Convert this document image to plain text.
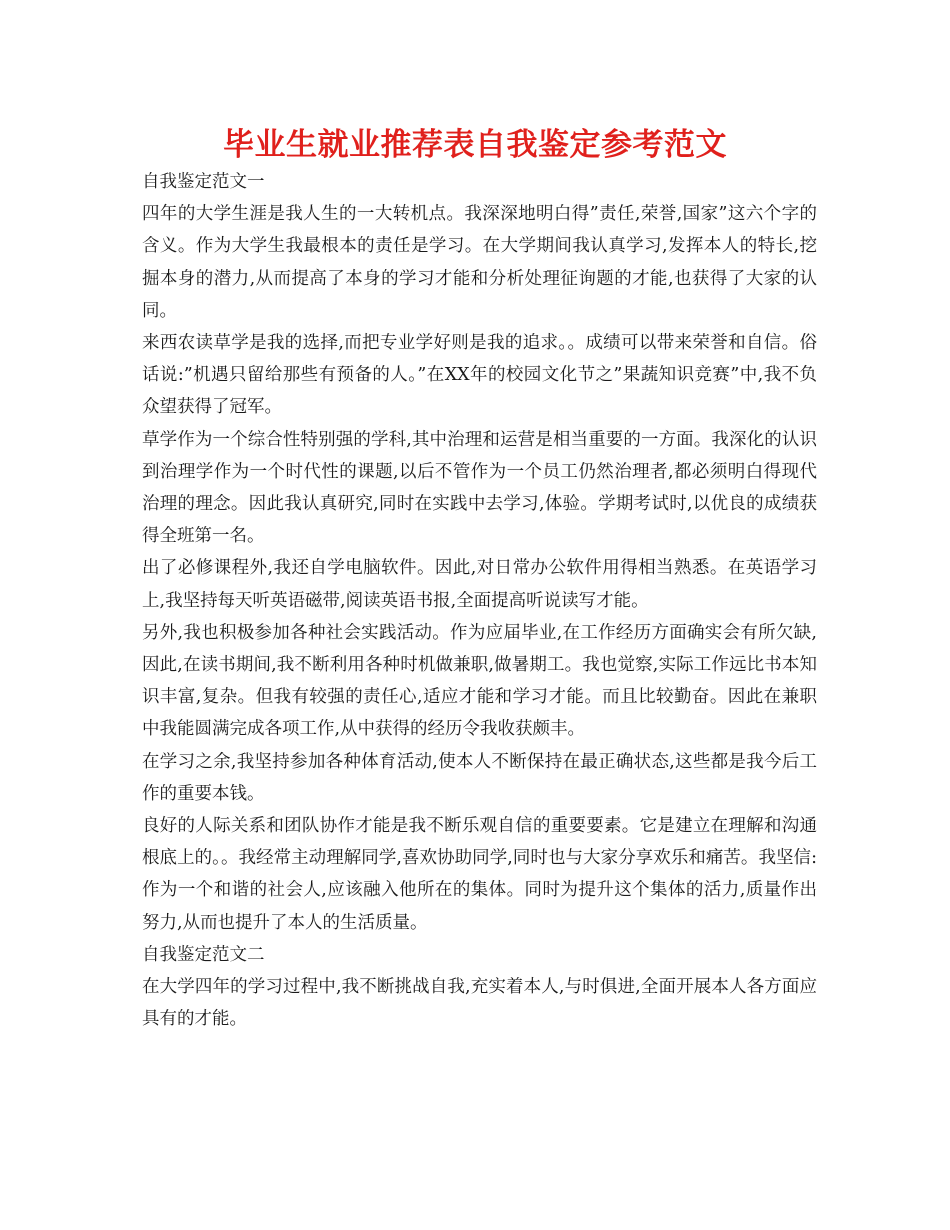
毕业生就业推荐表自我鉴定参考范文

自我鉴定范文一

四年的大学生涯是我人生的一大转机点。我深深地明白得”责任,荣誉,国家”这六个字的含义。作为大学生我最根本的责任是学习。在大学期间我认真学习,发挥本人的特长,挖掘本身的潜力,从而提高了本身的学习才能和分析处理征询题的才能,也获得了大家的认同。

来西农读草学是我的选择,而把专业学好则是我的追求。。成绩可以带来荣誉和自信。俗话说:”机遇只留给那些有预备的人。”在XX年的校园文化节之”果蔬知识竞赛”中,我不负众望获得了冠军。

草学作为一个综合性特别强的学科,其中治理和运营是相当重要的一方面。我深化的认识到治理学作为一个时代性的课题,以后不管作为一个员工仍然治理者,都必须明白得现代治理的理念。因此我认真研究,同时在实践中去学习,体验。学期考试时,以优良的成绩获得全班第一名。

出了必修课程外,我还自学电脑软件。因此,对日常办公软件用得相当熟悉。在英语学习上,我坚持每天听英语磁带,阅读英语书报,全面提高听说读写才能。

另外,我也积极参加各种社会实践活动。作为应届毕业,在工作经历方面确实会有所欠缺,因此,在读书期间,我不断利用各种时机做兼职,做暑期工。我也觉察,实际工作远比书本知识丰富,复杂。但我有较强的责任心,适应才能和学习才能。而且比较勤奋。因此在兼职中我能圆满完成各项工作,从中获得的经历令我收获颇丰。

在学习之余,我坚持参加各种体育活动,使本人不断保持在最正确状态,这些都是我今后工作的重要本钱。

良好的人际关系和团队协作才能是我不断乐观自信的重要要素。它是建立在理解和沟通根底上的。。我经常主动理解同学,喜欢协助同学,同时也与大家分享欢乐和痛苦。我坚信:作为一个和谐的社会人,应该融入他所在的集体。同时为提升这个集体的活力,质量作出努力,从而也提升了本人的生活质量。

自我鉴定范文二

在大学四年的学习过程中,我不断挑战自我,充实着本人,与时俱进,全面开展本人各方面应具有的才能。
